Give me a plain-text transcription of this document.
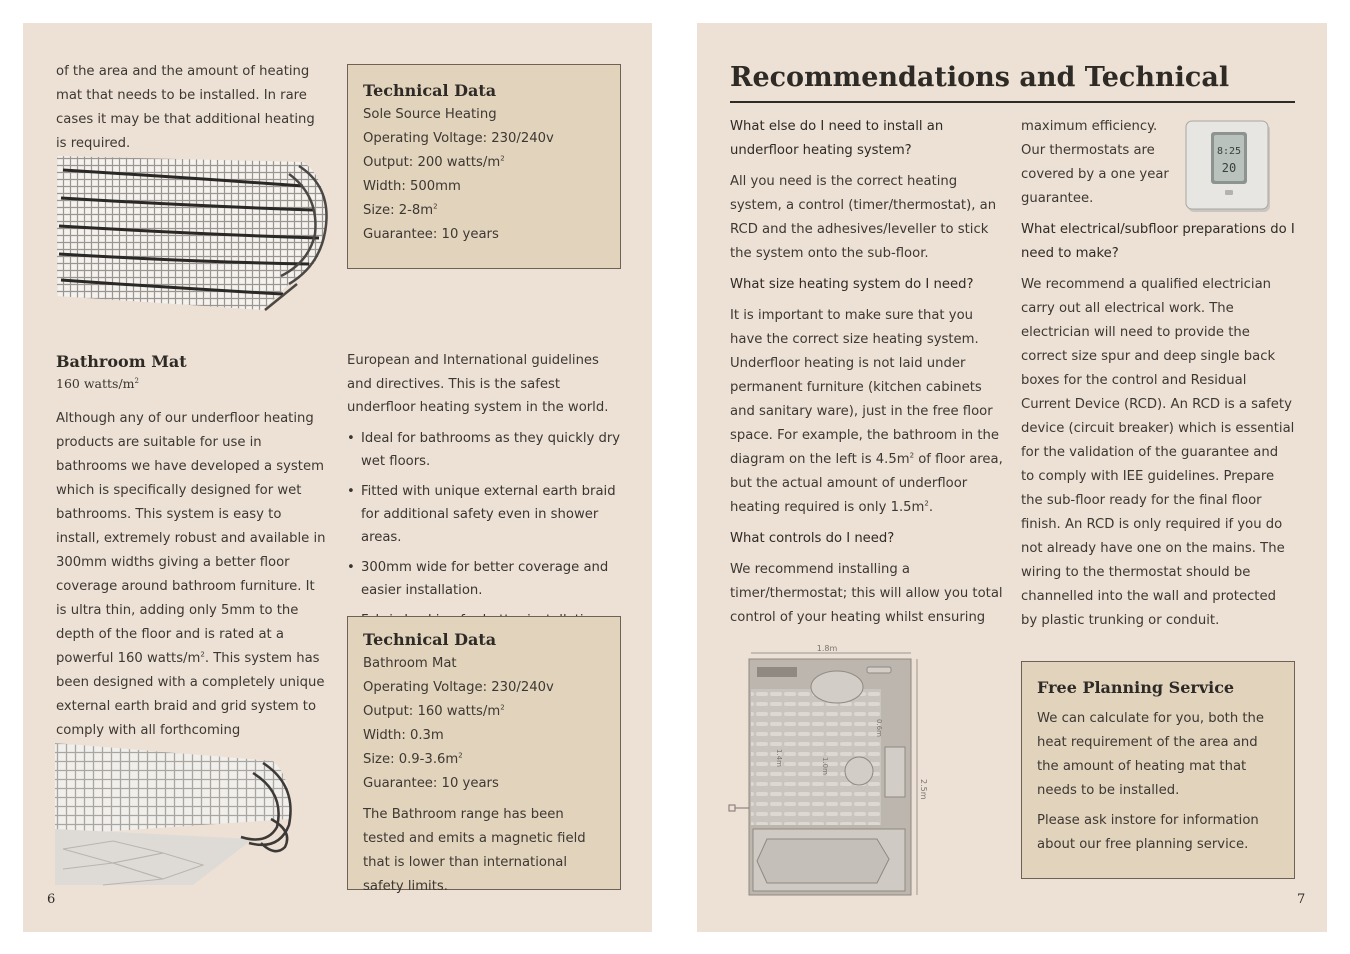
of the area and the amount of heating mat that needs to be installed. In rare cases it may be that additional heating is required.

Technical Data
Sole Source Heating
Operating Voltage: 230/240v
Output: 200 watts/$m^2$
Width: 500mm
Size: $2-8m^2$
Guarantee: 10 years
Bathroom Mat
160 watts/$m^2$

Although any of our underfloor heating products are suitable for use in bathrooms we have developed a system which is specifically designed for wet bathrooms. This system is easy to install, extremely robust and available in 300mm widths giving a better floor coverage around bathroom furniture. It is ultra thin, adding only 5mm to the depth of the floor and is rated at a powerful 160 watts/$m^2$. This system has been designed with a completely unique external earth braid and grid system to comply with all forthcoming

European and International guidelines and directives. This is the safest underfloor heating system in the world.

• Ideal for bathrooms as they quickly dry wet floors.
• Fitted with unique external earth braid for additional safety even in shower areas.
• 300mm wide for better coverage and easier installation.
•
Technical Data
Bathroom Mat
Operating Voltage: 230/240v
Output: 160 watts/$m^2$
Width: 0.3m
Size: $0.9-3.6m^2$
Guarantee: 10 years
The Bathroom range has been tested and emits a magnetic field that is lower than international safety limits.
6
Recommendations and Technical
What else do I need to install an underfloor heating system?
All you need is the correct heating system, a control (timer/thermostat), an RCD and the adhesives/leveller to stick the system onto the sub-floor.
What size heating system do I need?
It is important to make sure that you have the correct size heating system. Underfloor heating is not laid under permanent furniture (kitchen cabinets and sanitary ware), just in the free floor space. For example, the bathroom in the diagram on the left is $4.5m^2$ of floor area, but the actual amount of underfloor heating required is only $1.5m^2$.
What controls do I need?
We recommend installing a timer/thermostat; this will allow you total control of your heating whilst ensuring
maximum efficiency. Our thermostats are covered by a one year guarantee.
8:25
20
What electrical/subfloor preparations do I need to make?
We recommend a qualified electrician carry out all electrical work. The electrician will need to provide the correct size spur and deep single back boxes for the control and Residual Current Device (RCD). An RCD is a safety device (circuit breaker) which is essential for the validation of the guarantee and to comply with IEE guidelines. Prepare the sub-floor ready for the final floor finish. An RCD is only required if you do not already have one on the mains. The wiring to the thermostat should be channelled into the wall and protected by plastic trunking or conduit.
1.8m
2.5m
0.6m
1.4m	1.0m
Free Planning Service
We can calculate for you, both the heat requirement of the area and the amount of heating mat that needs to be installed.
Please ask instore for information about our free planning service.
7
